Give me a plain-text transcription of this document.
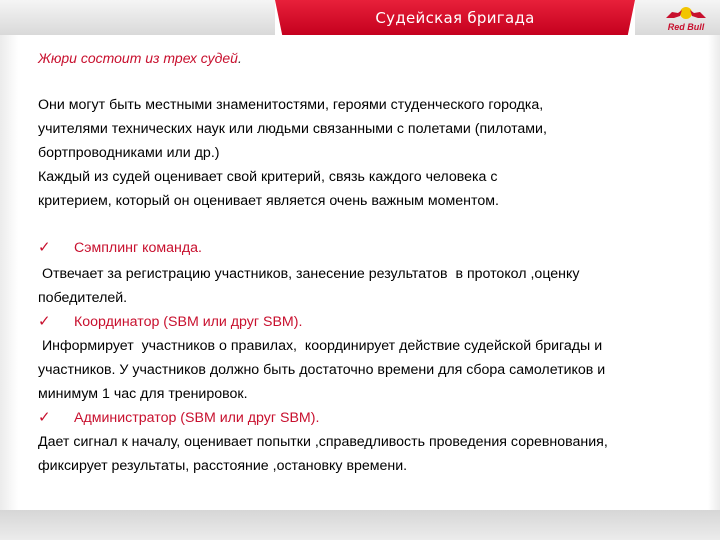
Судейская бригада
Red Bull
Жюри состоит из трех судей.
Они могут быть местными знаменитостями, героями студенческого городка,
учителями технических наук или людьми связанными с полетами (пилотами,
бортпроводниками или др.)
Каждый из судей оценивает свой критерий, связь каждого человека с
критерием, который он оценивает является очень важным моментом.
✓ Сэмплинг команда.
Отвечает за регистрацию участников, занесение результатов  в протокол ,оценку
победителей.
✓ Координатор (SBM или друг SBM).
Информирует  участников о правилах,  координирует действие судейской бригады и
участников. У участников должно быть достаточно времени для сбора самолетиков и
минимум 1 час для тренировок.
✓ Администратор (SBM или друг SBM).
Дает сигнал к началу, оценивает попытки ,справедливость проведения соревнования,
фиксирует результаты, расстояние ,остановку времени.
